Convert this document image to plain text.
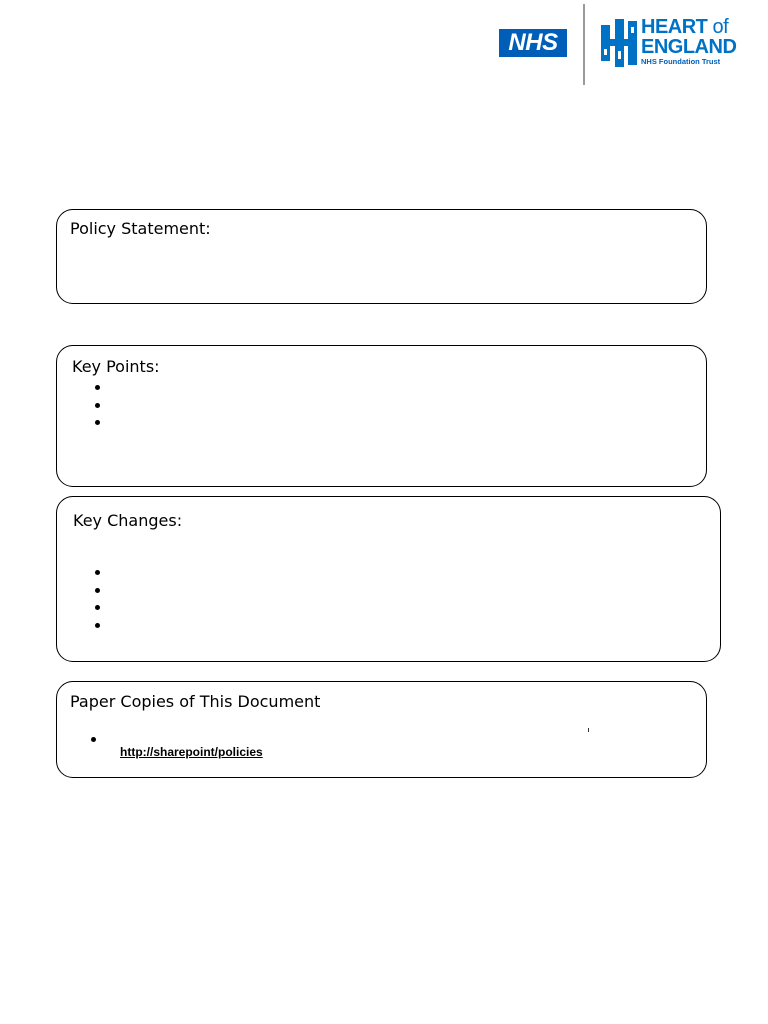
NHS
HEART of
ENGLAND
NHS Foundation Trust
Policy Statement:
Key Points:
Key Changes:
Paper Copies of This Document
http://sharepoint/policies
